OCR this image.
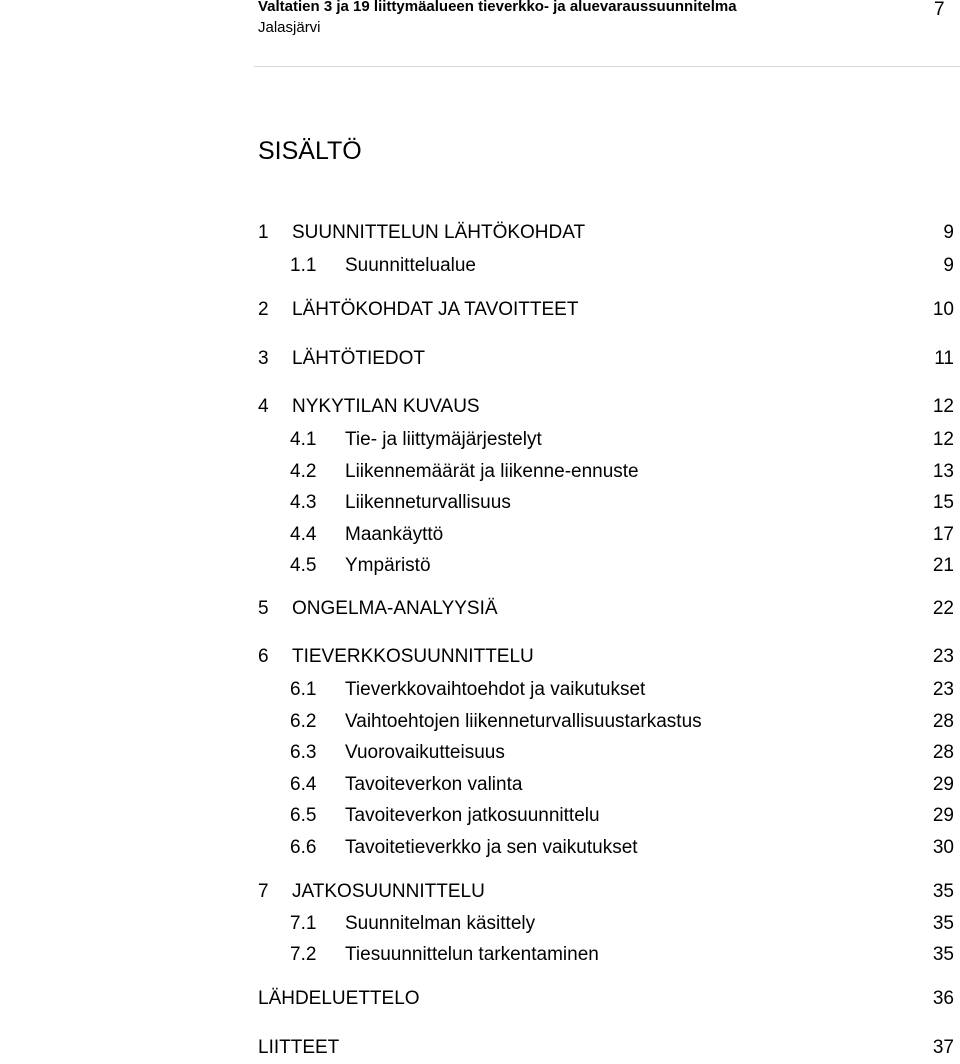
Valtatien 3 ja 19 liittymäalueen tieverkko- ja aluevaraussuunnitelma
Jalasjärvi
7
SISÄLTÖ
1 SUUNNITTELUN LÄHTÖKOHDAT	9
1.1 Suunnittelualue	9
2 LÄHTÖKOHDAT JA TAVOITTEET	10
3 LÄHTÖTIEDOT	11
4 NYKYTILAN KUVAUS	12
4.1 Tie- ja liittymäjärjestelyt	12
4.2 Liikennemäärät ja liikenne-ennuste	13
4.3 Liikenneturvallisuus	15
4.4 Maankäyttö	17
4.5 Ympäristö	21
5 ONGELMA-ANALYYSIÄ	22
6 TIEVERKKOSUUNNITTELU	23
6.1 Tieverkkovaihtoehdot ja vaikutukset	23
6.2 Vaihtoehtojen liikenneturvallisuustarkastus	28
6.3 Vuorovaikutteisuus	28
6.4 Tavoiteverkon valinta	29
6.5 Tavoiteverkon jatkosuunnittelu	29
6.6 Tavoitetieverkko ja sen vaikutukset	30
7 JATKOSUUNNITTELU	35
7.1 Suunnitelman käsittely	35
7.2 Tiesuunnittelun tarkentaminen	35
LÄHDELUETTELO	36
LIITTEET	37
